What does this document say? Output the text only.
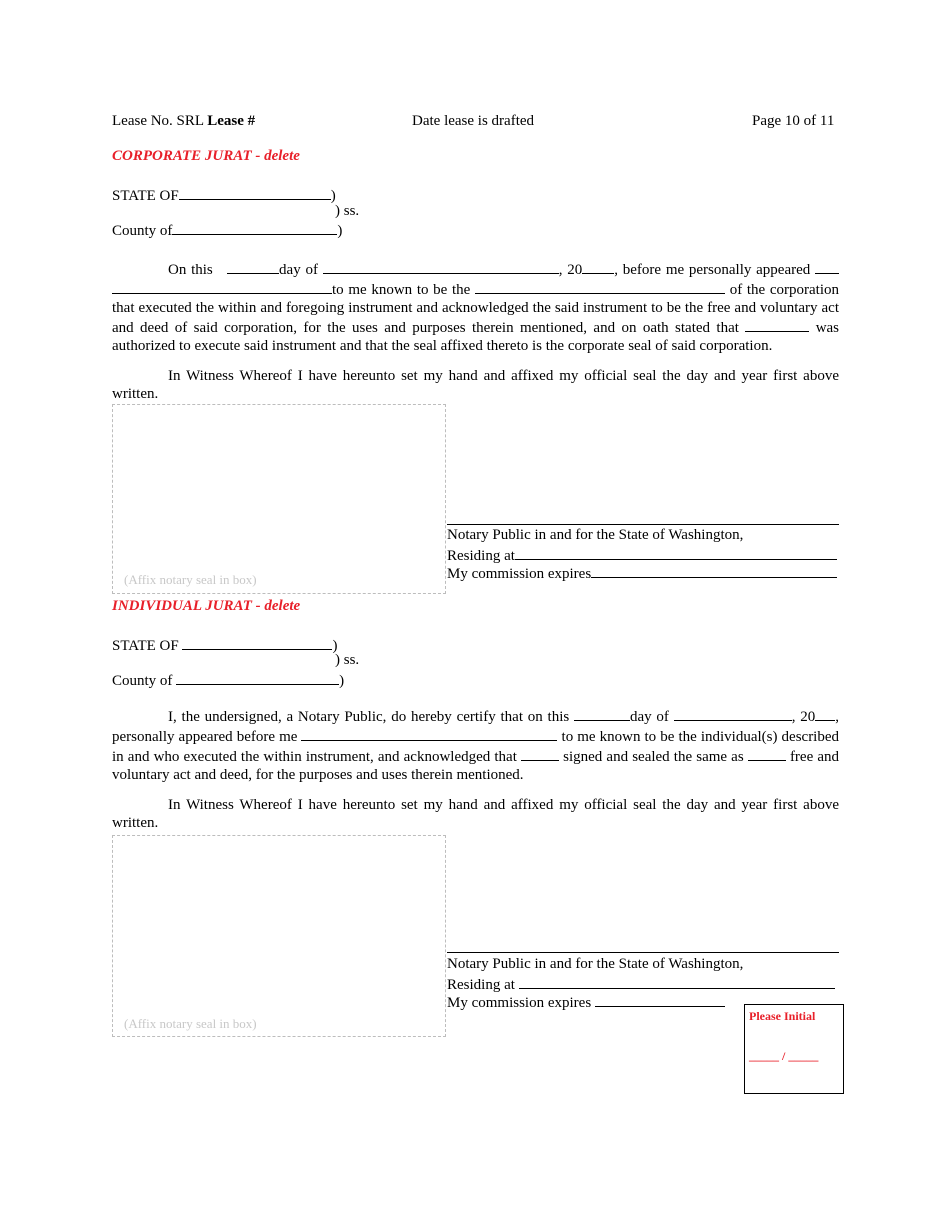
Lease No. SRL Lease #	Date lease is drafted	Page 10 of 11
CORPORATE JURAT - delete
STATE OF	)
) ss.
County of	)
On this	day of	, 20 , before me personally appeared
to me known to be the	of the corporation
that executed the within and foregoing instrument and acknowledged the said instrument to be the free and voluntary act and deed of said corporation, for the uses and purposes therein mentioned, and on oath stated that	was authorized to execute said instrument and that the seal affixed thereto is the corporate seal of said corporation.
In Witness Whereof I have hereunto set my hand and affixed my official seal the day and year first above written.
(Affix notary seal in box)
Notary Public in and for the State of Washington,
Residing at
My commission expires
INDIVIDUAL JURAT - delete
STATE OF	)
) ss.
County of	)
I, the undersigned, a Notary Public, do hereby certify that on this	day of	, 20 ,
personally appeared before me	to me known to be the individual(s) described in and who executed the within instrument, and acknowledged that	signed and sealed the same as	free and voluntary act and deed, for the purposes and uses therein mentioned.
In Witness Whereof I have hereunto set my hand and affixed my official seal the day and year first above written.
(Affix notary seal in box)
Notary Public in and for the State of Washington,
Residing at
My commission expires
Please Initial
_____ / _____
